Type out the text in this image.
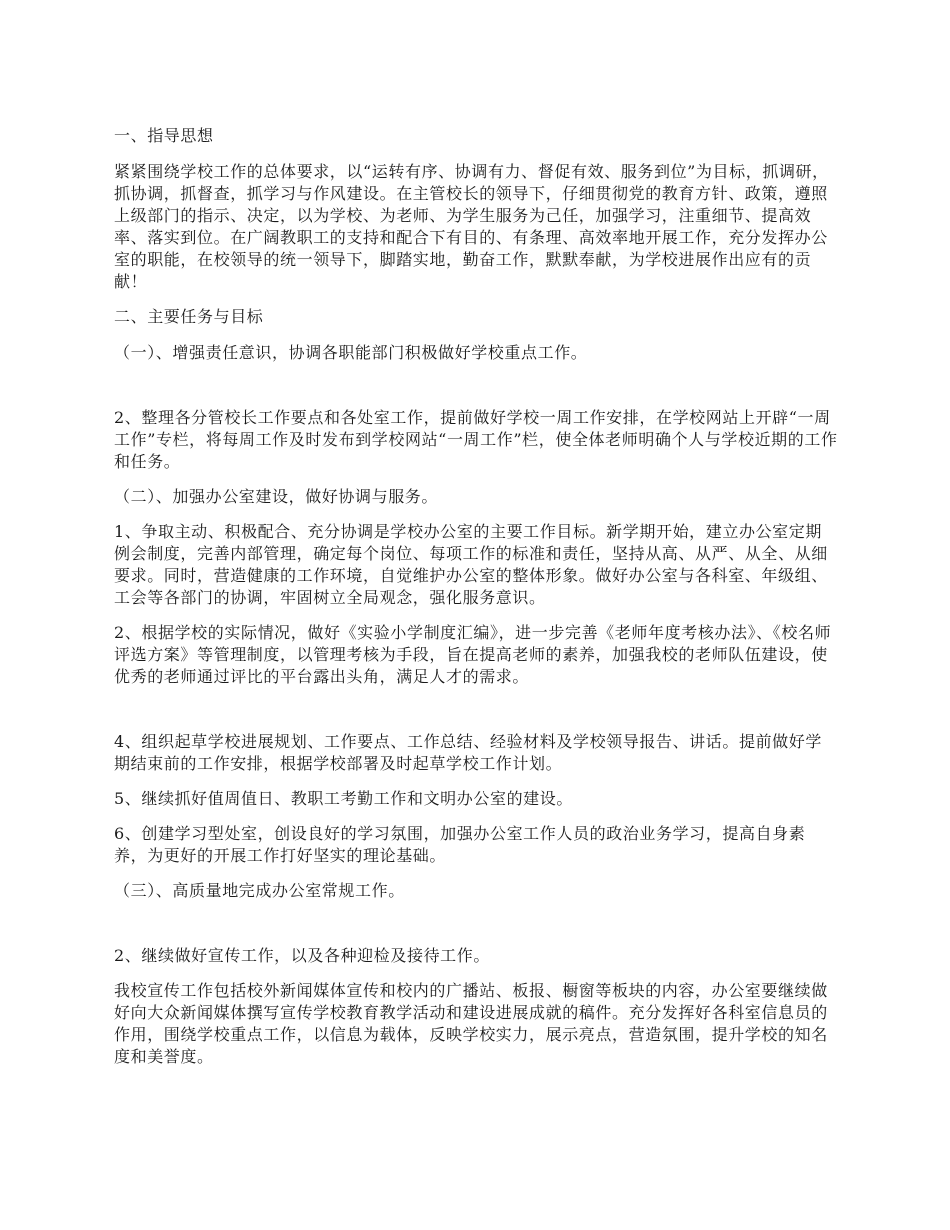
一、指导思想

紧紧围绕学校工作的总体要求，以“运转有序、协调有力、督促有效、服务到位”为目标，抓调研，抓协调，抓督查，抓学习与作风建设。在主管校长的领导下，仔细贯彻党的教育方针、政策，遵照上级部门的指示、决定，以为学校、为老师、为学生服务为己任，加强学习，注重细节、提高效率、落实到位。在广阔教职工的支持和配合下有目的、有条理、高效率地开展工作，充分发挥办公室的职能，在校领导的统一领导下，脚踏实地，勤奋工作，默默奉献，为学校进展作出应有的贡献！

二、主要任务与目标

（一）、增强责任意识，协调各职能部门积极做好学校重点工作。

2、整理各分管校长工作要点和各处室工作，提前做好学校一周工作安排，在学校网站上开辟“一周工作”专栏，将每周工作及时发布到学校网站“一周工作”栏，使全体老师明确个人与学校近期的工作和任务。

（二）、加强办公室建设，做好协调与服务。

1、争取主动、积极配合、充分协调是学校办公室的主要工作目标。新学期开始，建立办公室定期例会制度，完善内部管理，确定每个岗位、每项工作的标准和责任，坚持从高、从严、从全、从细要求。同时，营造健康的工作环境，自觉维护办公室的整体形象。做好办公室与各科室、年级组、工会等各部门的协调，牢固树立全局观念，强化服务意识。

2、根据学校的实际情况，做好《实验小学制度汇编》，进一步完善《老师年度考核办法》、《校名师评选方案》等管理制度，以管理考核为手段，旨在提高老师的素养，加强我校的老师队伍建设，使优秀的老师通过评比的平台露出头角，满足人才的需求。

4、组织起草学校进展规划、工作要点、工作总结、经验材料及学校领导报告、讲话。提前做好学期结束前的工作安排，根据学校部署及时起草学校工作计划。

5、继续抓好值周值日、教职工考勤工作和文明办公室的建设。

6、创建学习型处室，创设良好的学习氛围，加强办公室工作人员的政治业务学习，提高自身素养，为更好的开展工作打好坚实的理论基础。

（三）、高质量地完成办公室常规工作。

2、继续做好宣传工作，以及各种迎检及接待工作。

我校宣传工作包括校外新闻媒体宣传和校内的广播站、板报、橱窗等板块的内容，办公室要继续做好向大众新闻媒体撰写宣传学校教育教学活动和建设进展成就的稿件。充分发挥好各科室信息员的作用，围绕学校重点工作，以信息为载体，反映学校实力，展示亮点，营造氛围，提升学校的知名度和美誉度。
